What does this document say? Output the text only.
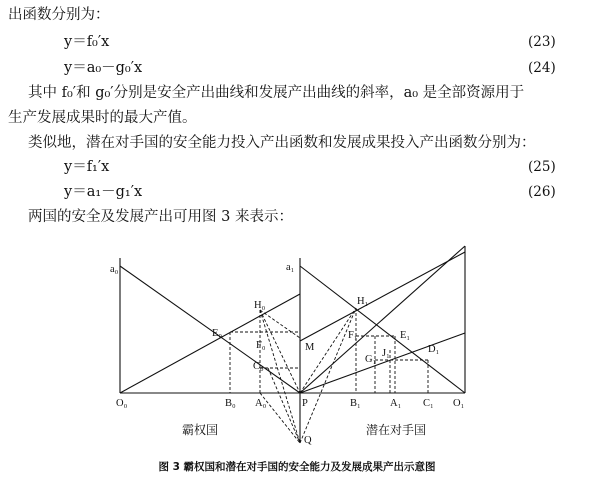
出函数分别为：
y＝f₀′x	(23)
y＝a₀－g₀′x	(24)
其中 f₀′和 g₀′分别是安全产出曲线和发展产出曲线的斜率，a₀ 是全部资源用于
生产发展成果时的最大产值。
类似地，潜在对手国的安全能力投入产出函数和发展成果投入产出函数分别为：
y＝f₁′x	(25)
y＝a₁－g₁′x	(26)
两国的安全及发展产出可用图 3 来表示：
a₀	a₁
O₀	B₀ A₀	P	B₁	A₁ C₁ O₁
E₀
H₀
F₀
C₀
M
Q
H₁
F₁	E₁
G₁
J₁	D₁
霸权国	潜在对手国
图 3 霸权国和潜在对手国的安全能力及发展成果产出示意图
